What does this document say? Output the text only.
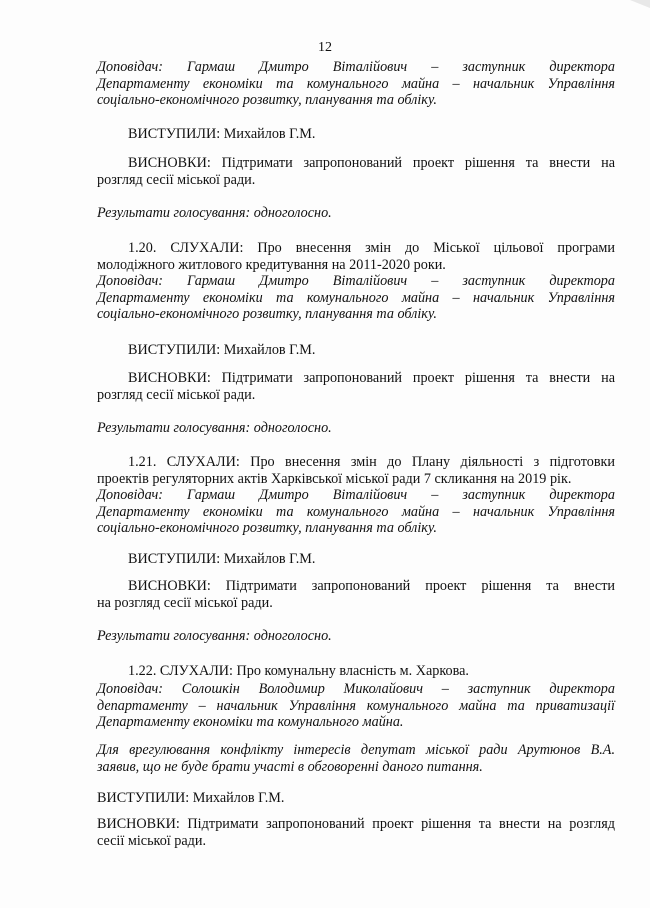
12
Доповідач: Гармаш Дмитро Віталійович – заступник директора
Департаменту економіки та комунального майна – начальник Управління
соціально-економічного розвитку, планування та обліку.
ВИСТУПИЛИ: Михайлов Г.М.
ВИСНОВКИ: Підтримати запропонований проект рішення та внести на
розгляд сесії міської ради.
Результати голосування: одноголосно.
1.20. СЛУХАЛИ: Про внесення змін до Міської цільової програми
молодіжного житлового кредитування на 2011-2020 роки.
Доповідач: Гармаш Дмитро Віталійович – заступник директора
Департаменту економіки та комунального майна – начальник Управління
соціально-економічного розвитку, планування та обліку.
ВИСТУПИЛИ: Михайлов Г.М.
ВИСНОВКИ: Підтримати запропонований проект рішення та внести на
розгляд сесії міської ради.
Результати голосування: одноголосно.
1.21. СЛУХАЛИ: Про внесення змін до Плану діяльності з підготовки
проектів регуляторних актів Харківської міської ради 7 скликання на 2019 рік.
Доповідач: Гармаш Дмитро Віталійович – заступник директора
Департаменту економіки та комунального майна – начальник Управління
соціально-економічного розвитку, планування та обліку.
ВИСТУПИЛИ: Михайлов Г.М.
ВИСНОВКИ: Підтримати запропонований проект рішення та внести
на розгляд сесії міської ради.
Результати голосування: одноголосно.
1.22. СЛУХАЛИ: Про комунальну власність м. Харкова.
Доповідач: Солошкін Володимир Миколайович – заступник директора
департаменту – начальник Управління комунального майна та приватизації
Департаменту економіки та комунального майна.
Для врегулювання конфлікту інтересів депутат міської ради Арутюнов В.А.
заявив, що не буде брати участі в обговоренні даного питання.
ВИСТУПИЛИ: Михайлов Г.М.
ВИСНОВКИ: Підтримати запропонований проект рішення та внести на розгляд
сесії міської ради.
